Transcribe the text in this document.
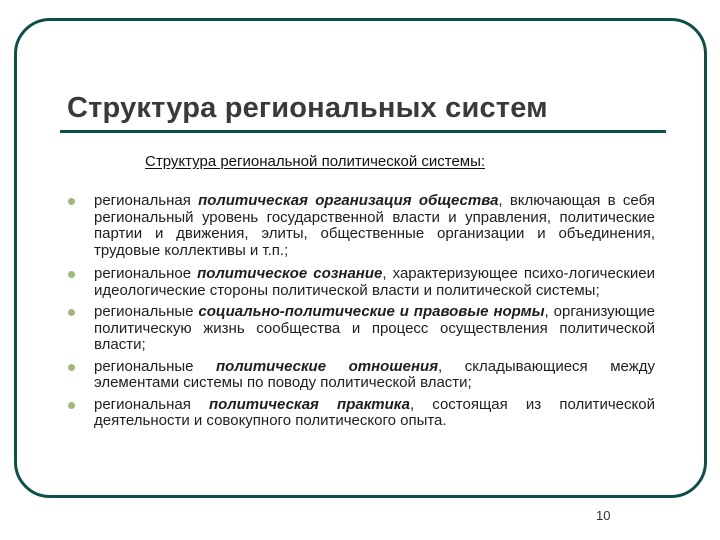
Структура региональных систем
Структура региональной политической системы:
региональная политическая организация общества, включающая в себя региональный уровень государственной власти и управления, политические партии и движения, элиты, общественные организации и объединения, трудовые коллективы и т.п.;
региональное политическое сознание, характеризующее психо-логическиеи идеологические стороны политической власти и политической системы;
региональные социально-политические и правовые нормы, организующие политическую жизнь сообщества и процесс осуществления политической власти;
региональные политические отношения, складывающиеся между элементами системы по поводу политической власти;
региональная политическая практика, состоящая из политической деятельности и совокупного политического опыта.
10
